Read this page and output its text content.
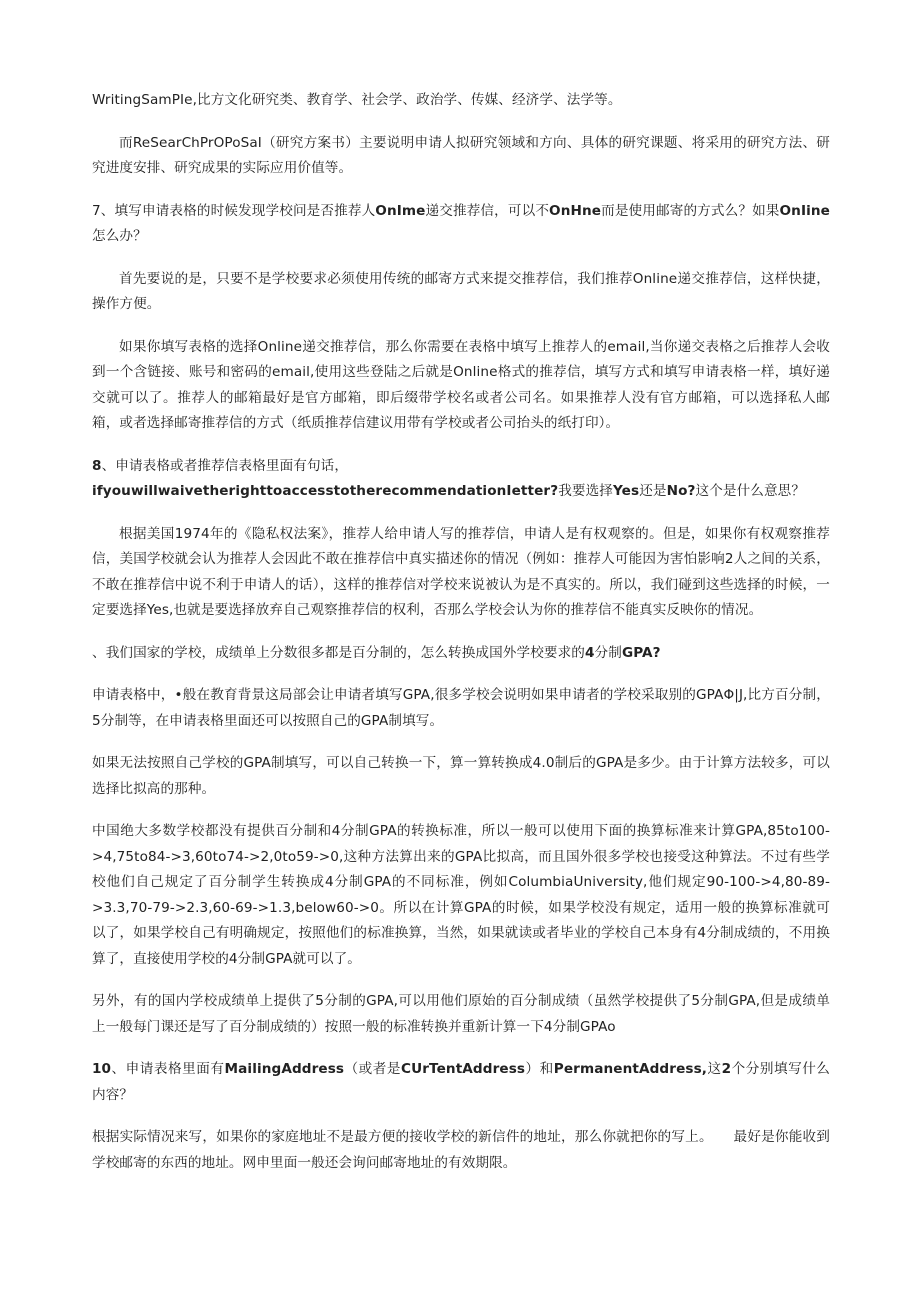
WritingSamPIe,比方文化研究类、教育学、社会学、政治学、传媒、经济学、法学等。

而ReSearChPrOPoSaI（研究方案书）主要说明申请人拟研究领域和方向、具体的研究课题、将采用的研究方法、研究进度安排、研究成果的实际应用价值等。

7、填写申请表格的时候发现学校问是否推荐人OnIme递交推荐信，可以不OnHne而是使用邮寄的方式么？如果OnIine怎么办？

首先要说的是，只要不是学校要求必须使用传统的邮寄方式来提交推荐信，我们推荐Online递交推荐信，这样快捷，操作方便。

如果你填写表格的选择Online递交推荐信，那么你需要在表格中填写上推荐人的email,当你递交表格之后推荐人会收到一个含链接、账号和密码的email,使用这些登陆之后就是Online格式的推荐信，填写方式和填写申请表格一样，填好递交就可以了。推荐人的邮箱最好是官方邮箱，即后缀带学校名或者公司名。如果推荐人没有官方邮箱，可以选择私人邮箱，或者选择邮寄推荐信的方式（纸质推荐信建议用带有学校或者公司抬头的纸打印）。

8、申请表格或者推荐信表格里面有句话，
ifyouwillwaivetherighttoaccesstotherecommendationIetter?我要选择Yes还是No?这个是什么意思？

根据美国1974年的《隐私权法案》，推荐人给申请人写的推荐信，申请人是有权观察的。但是，如果你有权观察推荐信，美国学校就会认为推荐人会因此不敢在推荐信中真实描述你的情况（例如：推荐人可能因为害怕影响2人之间的关系，不敢在推荐信中说不利于申请人的话），这样的推荐信对学校来说被认为是不真实的。所以，我们碰到这些选择的时候，一定要选择Yes,也就是要选择放弃自己观察推荐信的权利，否那么学校会认为你的推荐信不能真实反映你的情况。

、我们国家的学校，成绩单上分数很多都是百分制的，怎么转换成国外学校要求的4分制GPA?

申请表格中，•般在教育背景这局部会让申请者填写GPA,很多学校会说明如果申请者的学校采取别的GPAΦ|J,比方百分制，5分制等，在申请表格里面还可以按照自己的GPA制填写。

如果无法按照自己学校的GPA制填写，可以自己转换一下，算一算转换成4.0制后的GPA是多少。由于计算方法较多，可以选择比拟高的那种。

中国绝大多数学校都没有提供百分制和4分制GPA的转换标准，所以一般可以使用下面的换算标准来计算GPA,85to100->4,75to84->3,60to74->2,0to59->0,这种方法算出来的GPA比拟高，而且国外很多学校也接受这种算法。不过有些学校他们自己规定了百分制学生转换成4分制GPA的不同标准，例如ColumbiaUniversity,他们规定90-100->4,80-89->3.3,70-79->2.3,60-69->1.3,below60->0。所以在计算GPA的时候，如果学校没有规定，适用一般的换算标准就可以了，如果学校自己有明确规定，按照他们的标准换算，当然，如果就读或者毕业的学校自己本身有4分制成绩的，不用换算了，直接使用学校的4分制GPA就可以了。

另外，有的国内学校成绩单上提供了5分制的GPA,可以用他们原始的百分制成绩（虽然学校提供了5分制GPA,但是成绩单上一般每门课还是写了百分制成绩的）按照一般的标准转换并重新计算一下4分制GPAo

10、申请表格里面有MailingAddress（或者是CUrTentAddress）和PermanentAddress,这2个分别填写什么内容？

根据实际情况来写，如果你的家庭地址不是最方便的接收学校的新信件的地址，那么你就把你的写上。　　最好是你能收到学校邮寄的东西的地址。网申里面一般还会询问邮寄地址的有效期限。
